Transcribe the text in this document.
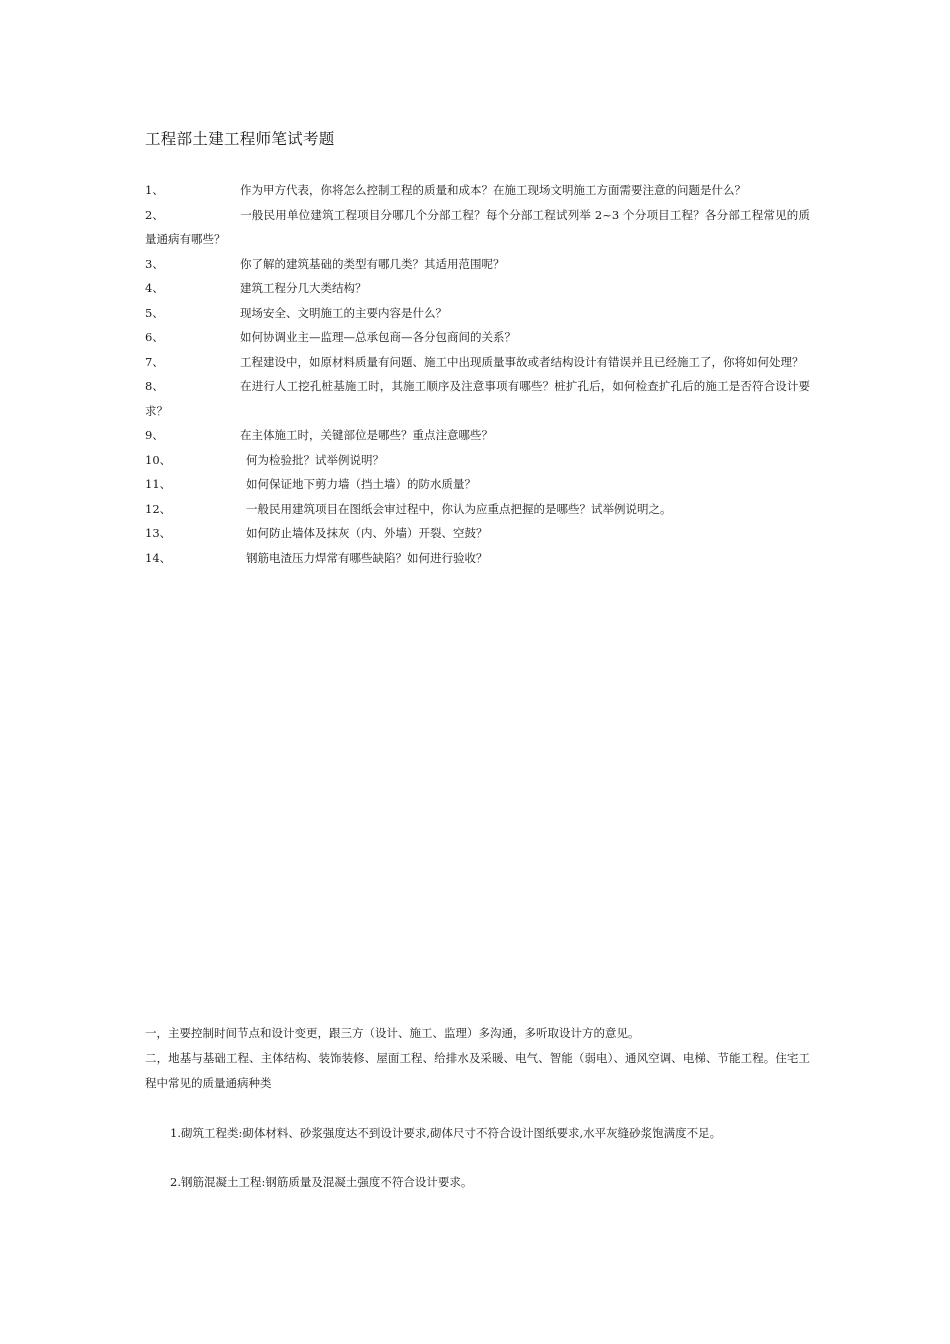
工程部土建工程师笔试考题
1、	作为甲方代表，你将怎么控制工程的质量和成本？在施工现场文明施工方面需要注意的问题是什么？
2、	一般民用单位建筑工程项目分哪几个分部工程？每个分部工程试列举 2~3 个分项目工程？各分部工程常见的质量通病有哪些？
3、	你了解的建筑基础的类型有哪几类？其适用范围呢？
4、	建筑工程分几大类结构？
5、	现场安全、文明施工的主要内容是什么？
6、	如何协调业主—监理—总承包商—各分包商间的关系？
7、	工程建设中，如原材料质量有问题、施工中出现质量事故或者结构设计有错误并且已经施工了，你将如何处理？
8、	在进行人工挖孔桩基施工时，其施工顺序及注意事项有哪些？桩扩孔后，如何检查扩孔后的施工是否符合设计要求？
9、	在主体施工时，关键部位是哪些？重点注意哪些？
10、	何为检验批？试举例说明？
11、	如何保证地下剪力墙（挡土墙）的防水质量？
12、	一般民用建筑项目在图纸会审过程中，你认为应重点把握的是哪些？试举例说明之。
13、	如何防止墙体及抹灰（内、外墙）开裂、空鼓？
14、	钢筋电渣压力焊常有哪些缺陷？如何进行验收？

一，主要控制时间节点和设计变更，跟三方（设计、施工、监理）多沟通，多听取设计方的意见。

二，地基与基础工程、主体结构、装饰装修、屋面工程、给排水及采暖、电气、智能（弱电）、通风空调、电梯、节能工程。住宅工程中常见的质量通病种类

1.砌筑工程类:砌体材料、砂浆强度达不到设计要求,砌体尺寸不符合设计图纸要求,水平灰缝砂浆饱满度不足。
2.钢筋混凝土工程:钢筋质量及混凝土强度不符合设计要求。
